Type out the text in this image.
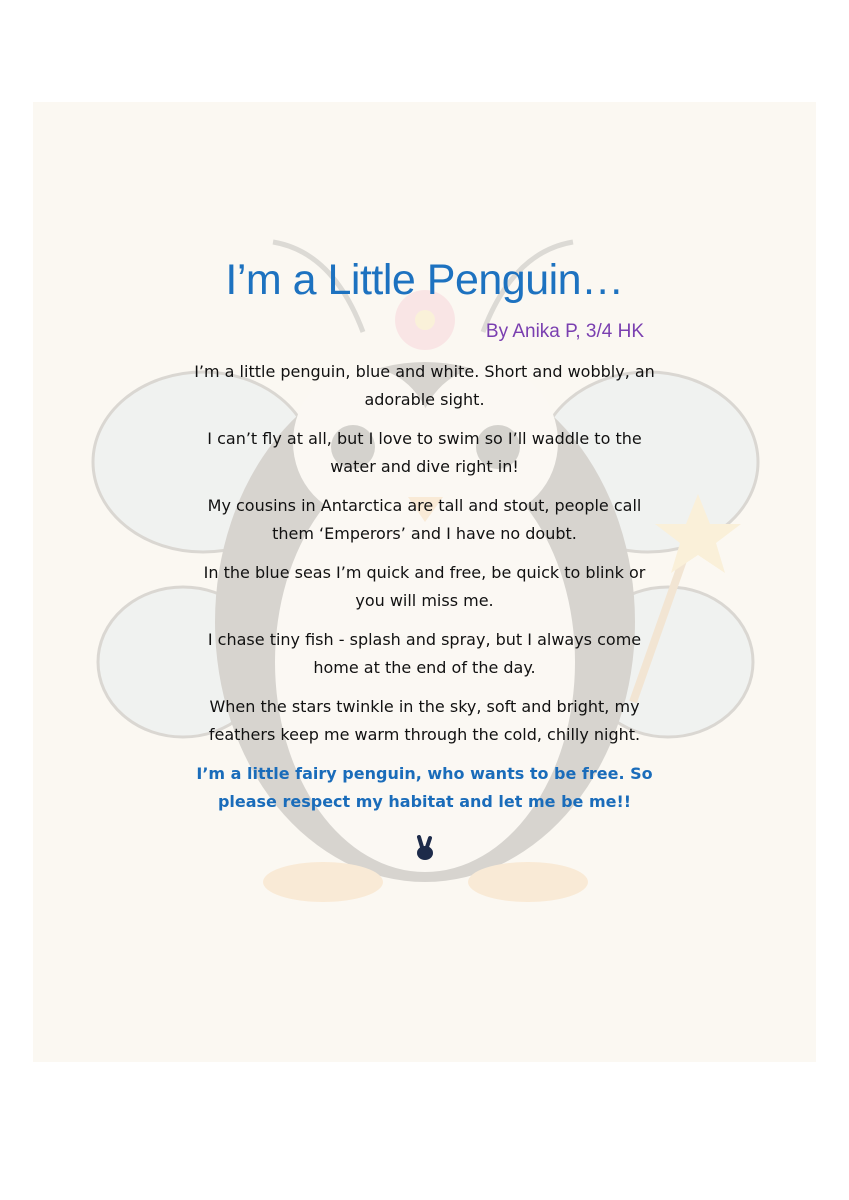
I’m a Little Penguin…
By Anika P, 3/4 HK

I’m a little penguin, blue and white. Short and wobbly, an adorable sight.

I can’t fly at all, but I love to swim so I’ll waddle to the water and dive right in!

My cousins in Antarctica are tall and stout, people call them ‘Emperors’ and I have no doubt.

In the blue seas I’m quick and free, be quick to blink or you will miss me.

I chase tiny fish - splash and spray, but I always come home at the end of the day.

When the stars twinkle in the sky, soft and bright, my feathers keep me warm through the cold, chilly night.

I’m a little fairy penguin, who wants to be free. So please respect my habitat and let me be me!!
